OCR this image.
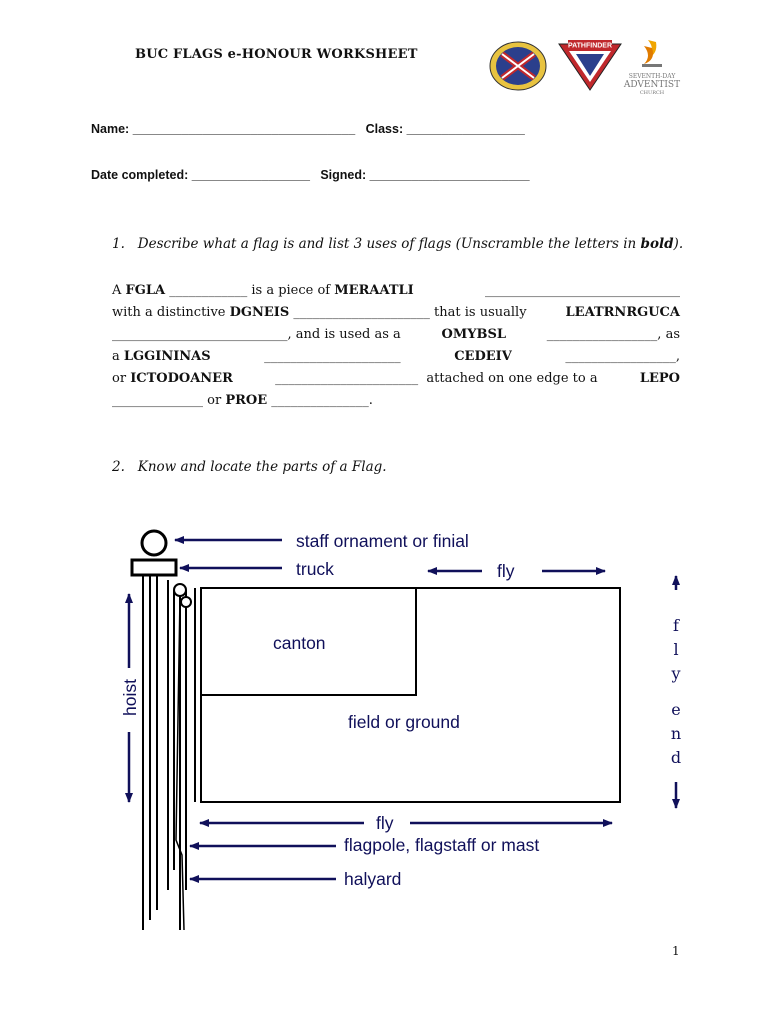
BUC FLAGS e-HONOUR WORKSHEET
PATHFINDER
SEVENTH-DAY
ADVENTIST
CHURCH
Name: ________________________________ Class: _________________
Date completed: _________________ Signed: _______________________
1. Describe what a flag is and list 3 uses of flags (Unscramble the letters in bold).
A FGLA ____________ is a piece of MERAATLI	______________________________
with a distinctive DGNEIS _____________________ that is usually	LEATRNRGUCA
___________________________, and is used as a	OMYBSL	_________________, as
a LGGININAS _____________________ CEDEIV _________________,
or ICTODOANER	______________________  attached on one edge to a	LEPO
______________ or PROE _______________.
2. Know and locate the parts of a Flag.
staff ornament or finial
truck	fly
canton
field or ground
fly
flagpole, flagstaff or mast
halyard
hoist
f
l
y
e
n
d
1
